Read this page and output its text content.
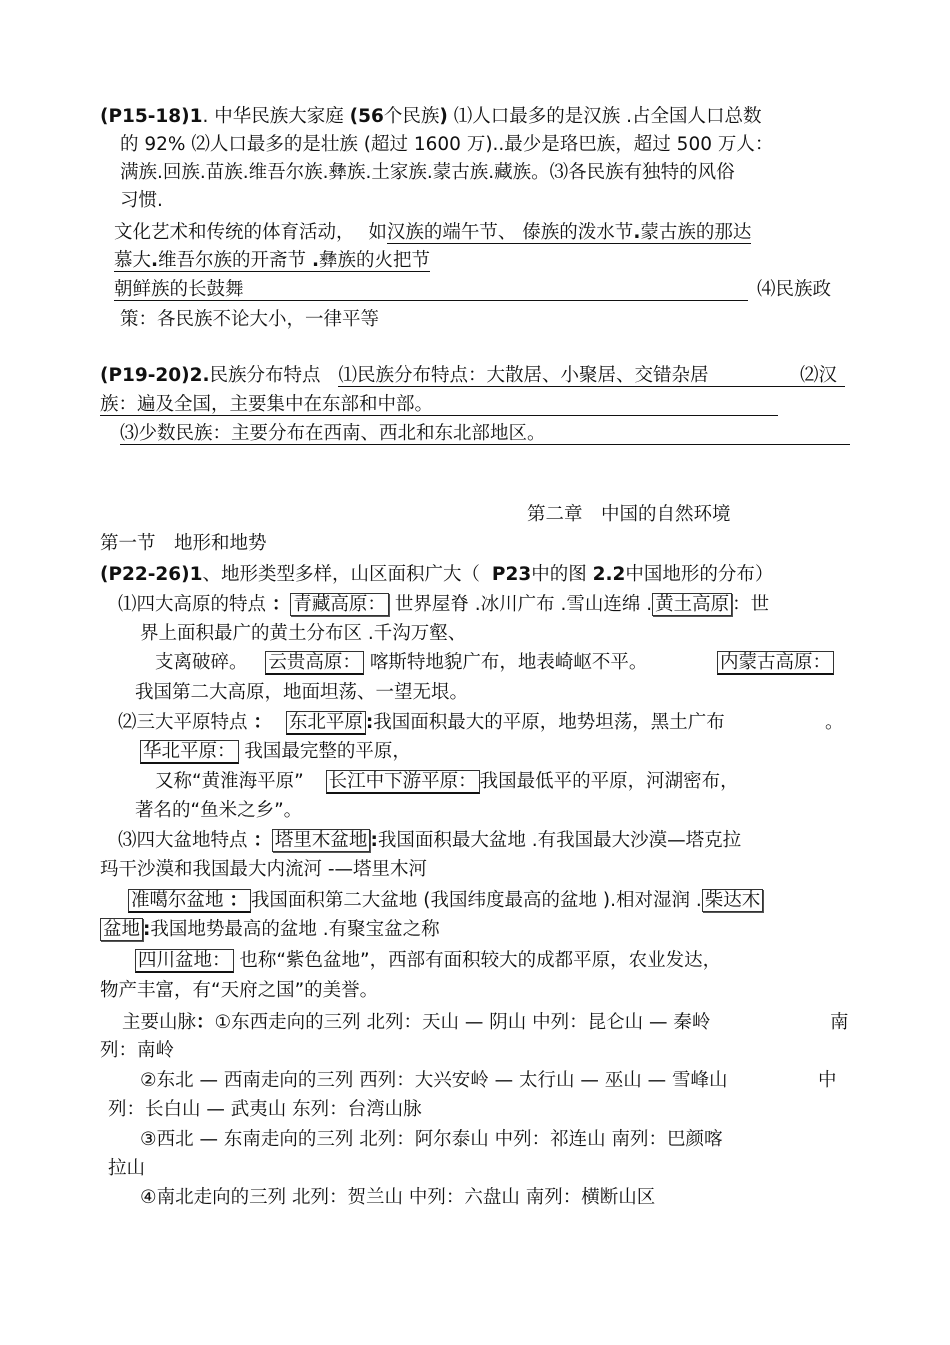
(P15-18)1. 中华民族大家庭 (56个民族) ⑴人口最多的是汉族 .占全国人口总数
的 92% ⑵人口最多的是壮族 (超过 1600 万)..最少是珞巴族，超过 500 万人：
满族.回族.苗族.维吾尔族.彝族.土家族.蒙古族.藏族。⑶各民族有独特的风俗
习惯.
文化艺术和传统的体育活动， 如汉族的端午节、 傣族的泼水节.蒙古族的那达
慕大.维吾尔族的开斋节 .彝族的火把节
朝鲜族的长鼓舞	⑷民族政
策：各民族不论大小，一律平等
(P19-20)2.民族分布特点 ⑴民族分布特点：大散居、小聚居、交错杂居	⑵汉
族：遍及全国，主要集中在东部和中部。
⑶少数民族：主要分布在西南、西北和东北部地区。
第二章　中国的自然环境
第一节　地形和地势
(P22-26)1、地形类型多样，山区面积广大（ P23中的图 2.2中国地形的分布）
⑴四大高原的特点 ： 青藏高原： 世界屋脊 .冰川广布 .雪山连绵 . 黄土高原 ：世
界上面积最广的黄土分布区 .千沟万壑、
支离破碎。 云贵高原： 喀斯特地貌广布，地表崎岖不平。	内蒙古高原：
我国第二大高原，地面坦荡、一望无垠。
⑵三大平原特点 ： 东北平原 :我国面积最大的平原，地势坦荡，黑土广布	。
华北平原： 我国最完整的平原，
又称“黄淮海平原” 长江中下游平原： 我国最低平的平原，河湖密布，
著名的“鱼米之乡”。
⑶四大盆地特点 ： 塔里木盆地 :我国面积最大盆地 .有我国最大沙漠—塔克拉
玛干沙漠和我国最大内流河 -—塔里木河
准噶尔盆地 ： 我国面积第二大盆地 (我国纬度最高的盆地 ).相对湿润 . 柴达木
盆地 :我国地势最高的盆地 .有聚宝盆之称
四川盆地： 也称“紫色盆地”，西部有面积较大的成都平原，农业发达，
物产丰富，有“天府之国”的美誉。
主要山脉：①东西走向的三列 北列：天山 — 阴山 中列：昆仑山 — 秦岭	南
列：南岭
②东北 — 西南走向的三列 西列：大兴安岭 — 太行山 — 巫山 — 雪峰山	中
列：长白山 — 武夷山 东列：台湾山脉
③西北 — 东南走向的三列 北列：阿尔泰山 中列：祁连山 南列：巴颜喀
拉山
④南北走向的三列 北列：贺兰山 中列：六盘山 南列：横断山区
